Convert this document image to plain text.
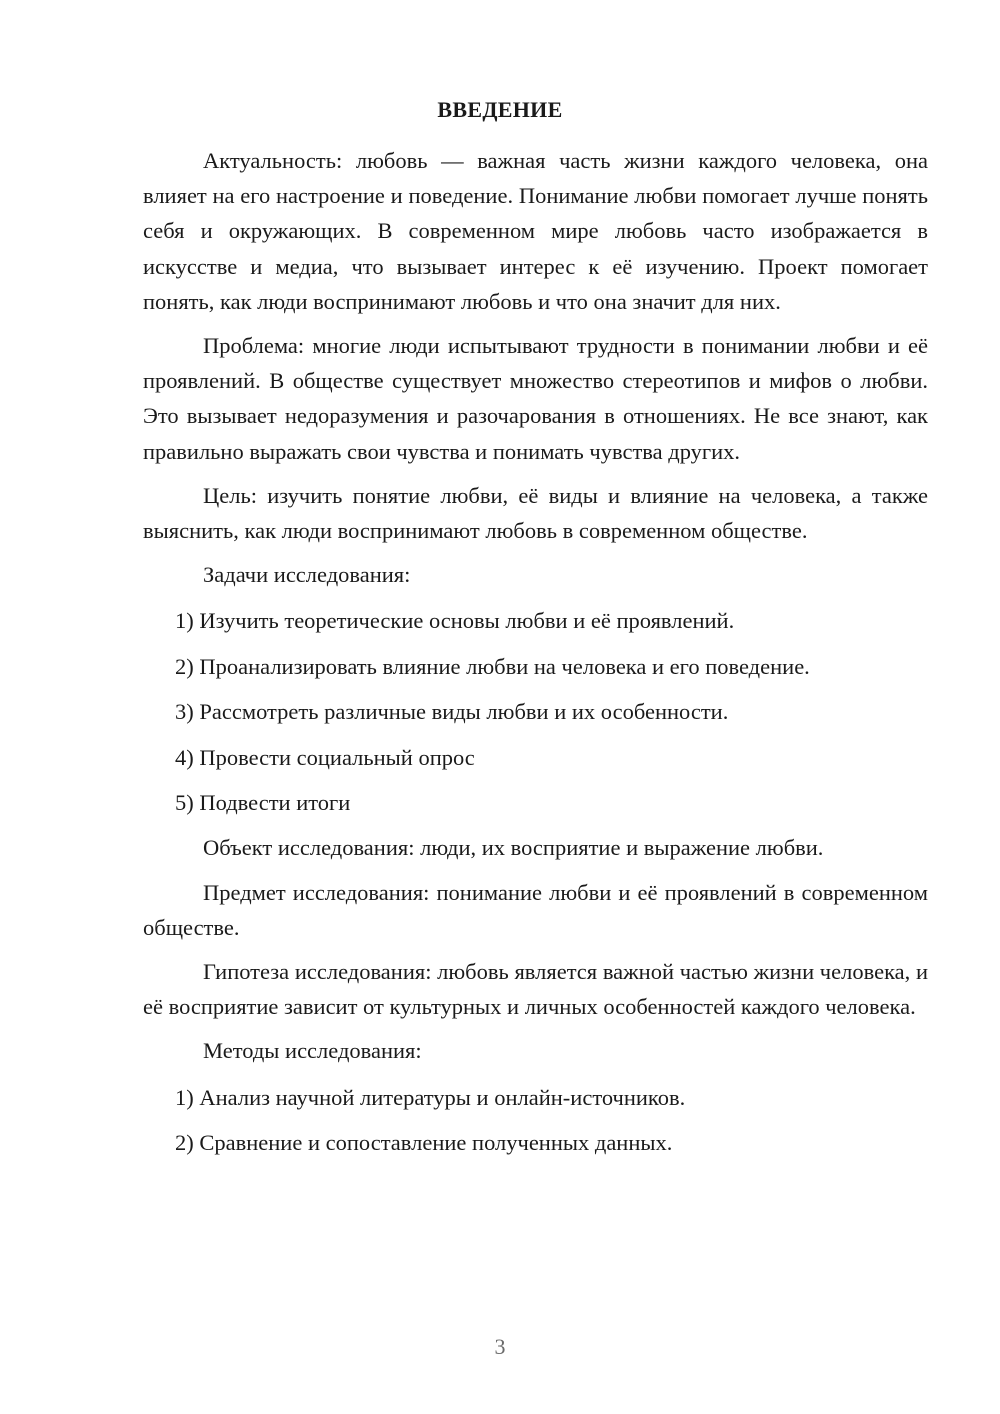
ВВЕДЕНИЕ

Актуальность: любовь — важная часть жизни каждого человека, она влияет на его настроение и поведение. Понимание любви помогает лучше понять себя и окружающих. В современном мире любовь часто изображается в искусстве и медиа, что вызывает интерес к её изучению. Проект помогает понять, как люди воспринимают любовь и что она значит для них.

Проблема: многие люди испытывают трудности в понимании любви и её проявлений. В обществе существует множество стереотипов и мифов о любви. Это вызывает недоразумения и разочарования в отношениях. Не все знают, как правильно выражать свои чувства и понимать чувства других.

Цель: изучить понятие любви, её виды и влияние на человека, а также выяснить, как люди воспринимают любовь в современном обществе.

Задачи исследования:

1) Изучить теоретические основы любви и её проявлений.
2) Проанализировать влияние любви на человека и его поведение.
3) Рассмотреть различные виды любви и их особенности.
4) Провести социальный опрос
5) Подвести итоги

Объект исследования: люди, их восприятие и выражение любви.

Предмет исследования: понимание любви и её проявлений в современном обществе.

Гипотеза исследования: любовь является важной частью жизни человека, и её восприятие зависит от культурных и личных особенностей каждого человека.

Методы исследования:

1) Анализ научной литературы и онлайн-источников.
2) Сравнение и сопоставление полученных данных.
3
